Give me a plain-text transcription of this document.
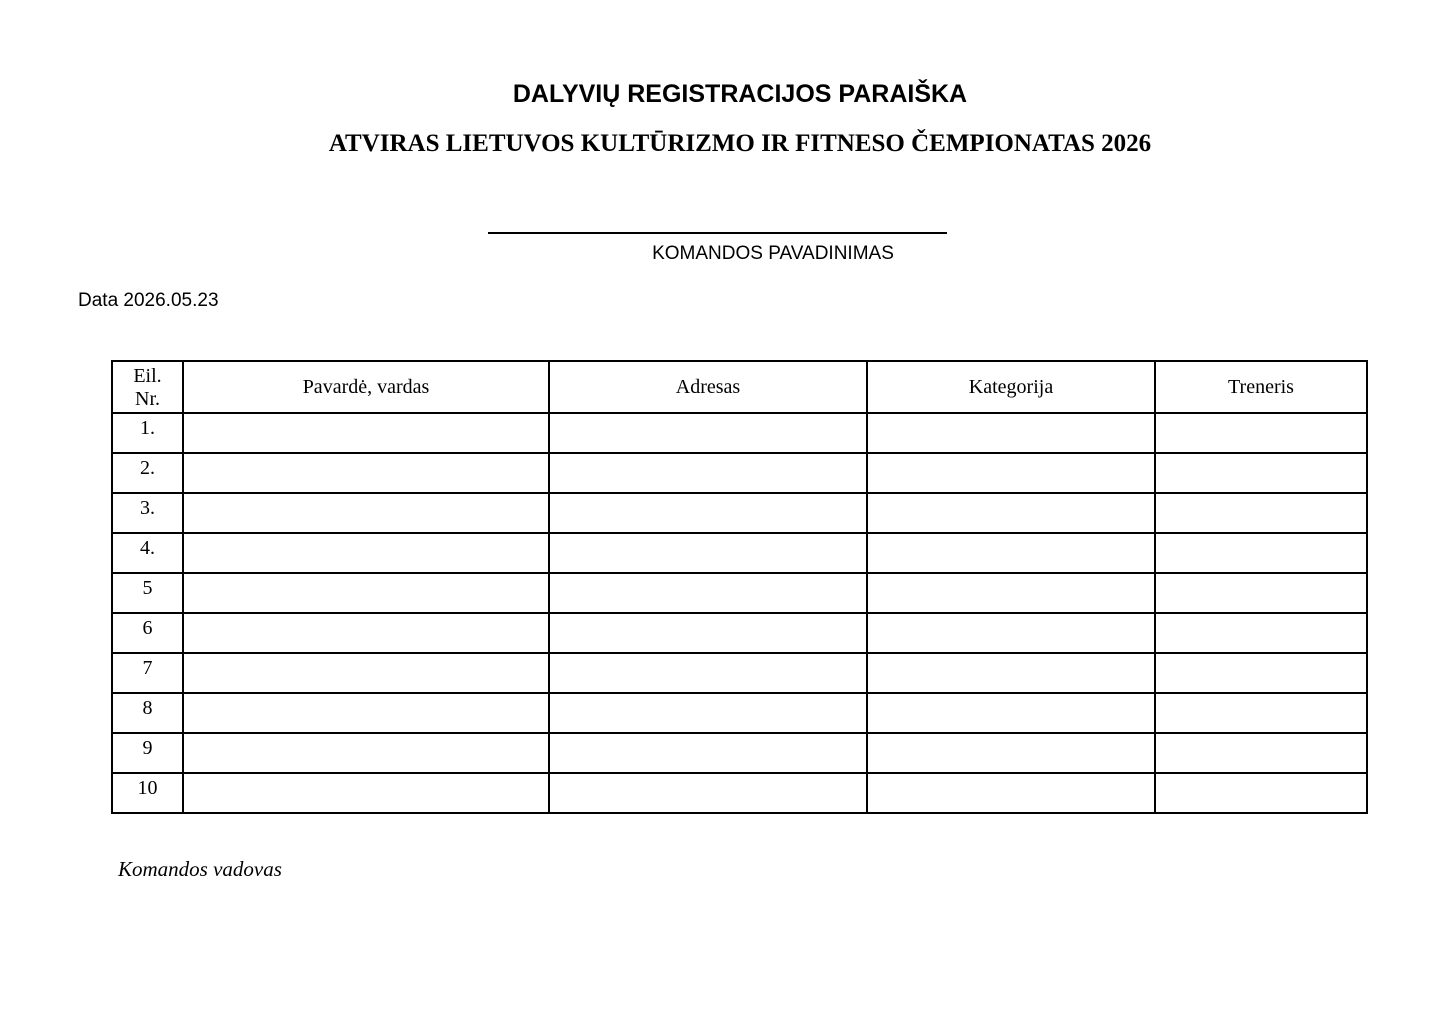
DALYVIŲ REGISTRACIJOS PARAIŠKA
ATVIRAS LIETUVOS KULTŪRIZMO IR FITNESO ČEMPIONATAS 2026
KOMANDOS PAVADINIMAS
Data 2026.05.23
Eil.
Nr.	Pavardė, vardas	Adresas	Kategorija	Treneris
1.				
2.				
3.				
4.				
5				
6				
7				
8				
9				
10				
Komandos vadovas
